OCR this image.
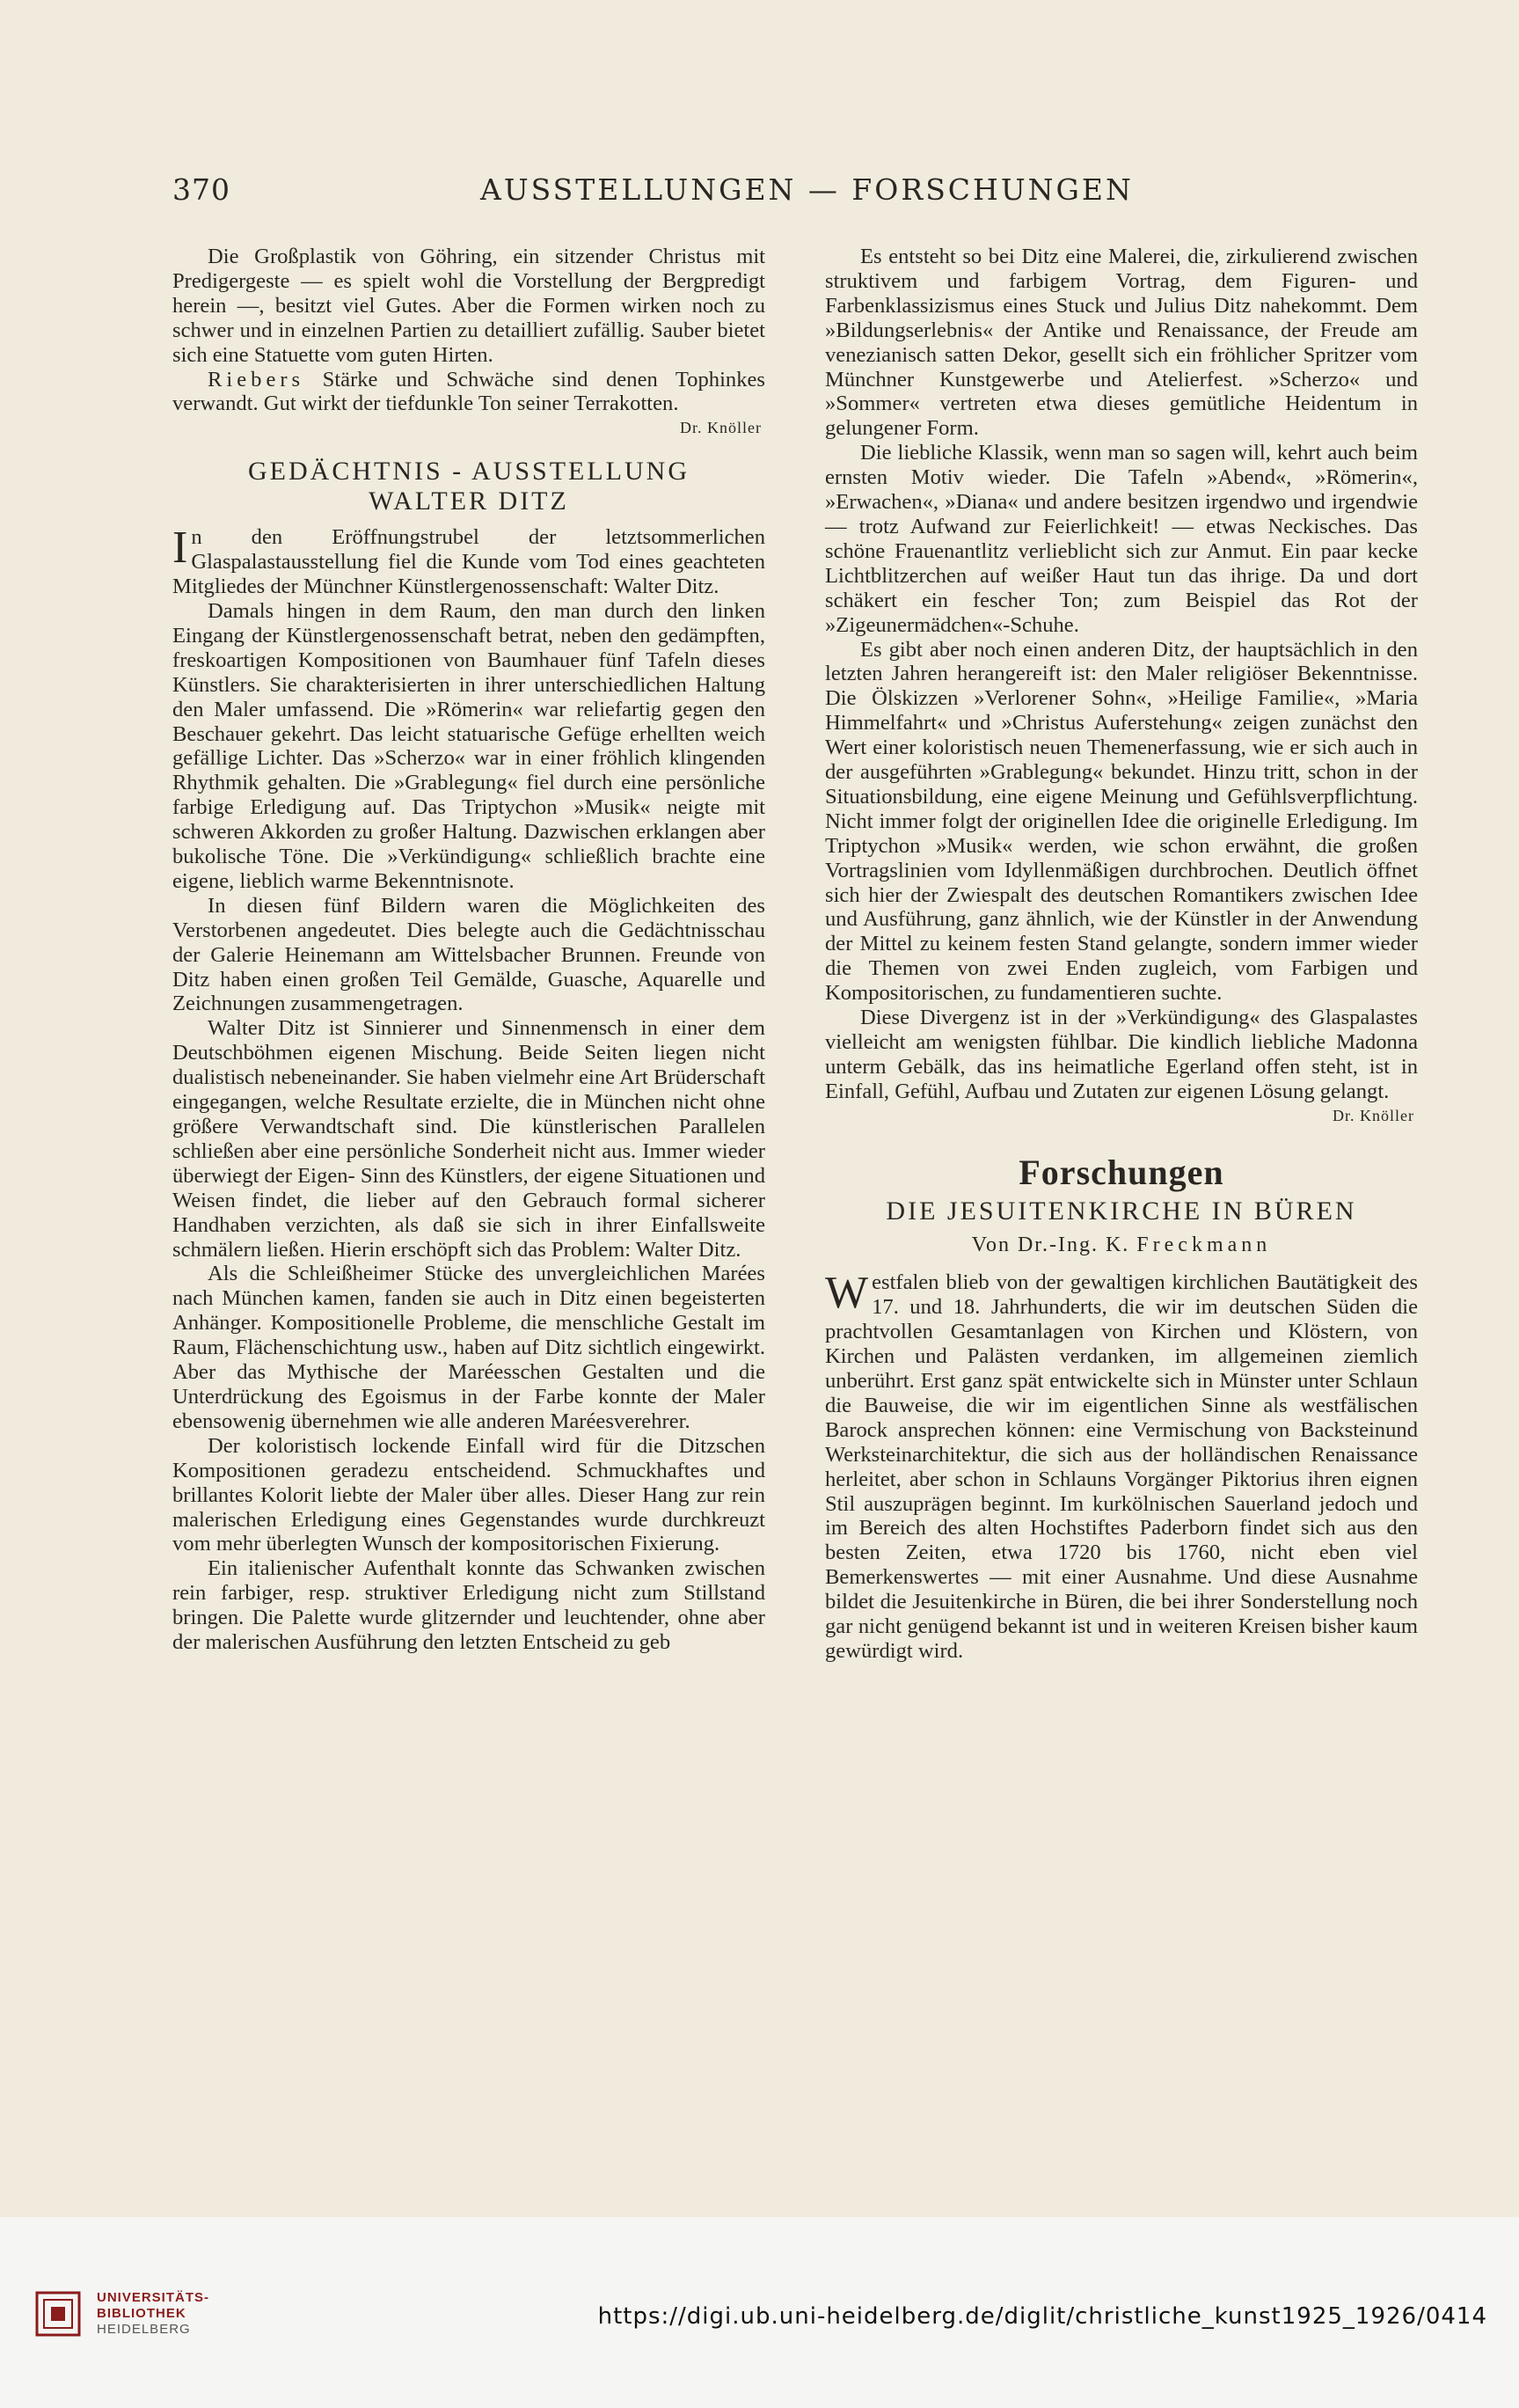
370	AUSSTELLUNGEN — FORSCHUNGEN

Die Großplastik von Göhring, ein sitzender Christus mit Predigergeste — es spielt wohl die Vorstellung der Bergpredigt herein —, besitzt viel Gutes. Aber die Formen wirken noch zu schwer und in einzelnen Partien zu detailliert zufällig. Sauber bietet sich eine Statuette vom guten Hirten.

Riebers Stärke und Schwäche sind denen Tophinkes verwandt. Gut wirkt der tiefdunkle Ton seiner Terrakotten.

Dr. Knöller
GEDÄCHTNIS - AUSSTELLUNG
WALTER DITZ

In den Eröffnungstrubel der letztsommerlichen Glaspalastausstellung fiel die Kunde vom Tod eines geachteten Mitgliedes der Münchner Künstlergenossenschaft: Walter Ditz.

Damals hingen in dem Raum, den man durch den linken Eingang der Künstlergenossenschaft betrat, neben den gedämpften, freskoartigen Kompositionen von Baumhauer fünf Tafeln dieses Künstlers. Sie charakterisierten in ihrer unterschiedlichen Haltung den Maler umfassend. Die »Römerin« war reliefartig gegen den Beschauer gekehrt. Das leicht statuarische Gefüge erhellten weich gefällige Lichter. Das »Scherzo« war in einer fröhlich klingenden Rhythmik gehalten. Die »Grablegung« fiel durch eine persönliche farbige Erledigung auf. Das Triptychon »Musik« neigte mit schweren Akkorden zu großer Haltung. Dazwischen erklangen aber bukolische Töne. Die »Verkündigung« schließlich brachte eine eigene, lieblich warme Bekenntnisnote.

In diesen fünf Bildern waren die Möglichkeiten des Verstorbenen angedeutet. Dies belegte auch die Gedächtnisschau der Galerie Heinemann am Wittelsbacher Brunnen. Freunde von Ditz haben einen großen Teil Gemälde, Guasche, Aquarelle und Zeichnungen zusammengetragen.

Walter Ditz ist Sinnierer und Sinnenmensch in einer dem Deutschböhmen eigenen Mischung. Beide Seiten liegen nicht dualistisch nebeneinander. Sie haben vielmehr eine Art Brüderschaft eingegangen, welche Resultate erzielte, die in München nicht ohne größere Verwandtschaft sind. Die künstlerischen Parallelen schließen aber eine persönliche Sonderheit nicht aus. Immer wieder überwiegt der Eigen- Sinn des Künstlers, der eigene Situationen und Weisen findet, die lieber auf den Gebrauch formal sicherer Handhaben verzichten, als daß sie sich in ihrer Einfallsweite schmälern ließen. Hierin erschöpft sich das Problem: Walter Ditz.

Als die Schleißheimer Stücke des unvergleichlichen Marées nach München kamen, fanden sie auch in Ditz einen begeisterten Anhänger. Kompositionelle Probleme, die menschliche Gestalt im Raum, Flächenschichtung usw., haben auf Ditz sichtlich eingewirkt. Aber das Mythische der Maréesschen Gestalten und die Unterdrückung des Egoismus in der Farbe konnte der Maler ebensowenig übernehmen wie alle anderen Maréesverehrer.

Der koloristisch lockende Einfall wird für die Ditzschen Kompositionen geradezu entscheidend. Schmuckhaftes und brillantes Kolorit liebte der Maler über alles. Dieser Hang zur rein malerischen Erledigung eines Gegenstandes wurde durchkreuzt vom mehr überlegten Wunsch der kompositorischen Fixierung.

Ein italienischer Aufenthalt konnte das Schwanken zwischen rein farbiger, resp. struktiver Erledigung nicht zum Stillstand bringen. Die Palette wurde glitzernder und leuchtender, ohne aber der malerischen Ausführung den letzten Entscheid zu geb

Es entsteht so bei Ditz eine Malerei, die, zirkulierend zwischen struktivem und farbigem Vortrag, dem Figuren- und Farbenklassizismus eines Stuck und Julius Ditz nahekommt. Dem »Bildungserlebnis« der Antike und Renaissance, der Freude am venezianisch satten Dekor, gesellt sich ein fröhlicher Spritzer vom Münchner Kunstgewerbe und Atelierfest. »Scherzo« und »Sommer« vertreten etwa dieses gemütliche Heidentum in gelungener Form.

Die liebliche Klassik, wenn man so sagen will, kehrt auch beim ernsten Motiv wieder. Die Tafeln »Abend«, »Römerin«, »Erwachen«, »Diana« und andere besitzen irgendwo und irgendwie — trotz Aufwand zur Feierlichkeit! — etwas Neckisches. Das schöne Frauenantlitz verlieblicht sich zur Anmut. Ein paar kecke Lichtblitzerchen auf weißer Haut tun das ihrige. Da und dort schäkert ein fescher Ton; zum Beispiel das Rot der »Zigeunermädchen«-Schuhe.

Es gibt aber noch einen anderen Ditz, der hauptsächlich in den letzten Jahren herangereift ist: den Maler religiöser Bekenntnisse. Die Ölskizzen »Verlorener Sohn«, »Heilige Familie«, »Maria Himmelfahrt« und »Christus Auferstehung« zeigen zunächst den Wert einer koloristisch neuen Themenerfassung, wie er sich auch in der ausgeführten »Grablegung« bekundet. Hinzu tritt, schon in der Situationsbildung, eine eigene Meinung und Gefühlsverpflichtung. Nicht immer folgt der originellen Idee die originelle Erledigung. Im Triptychon »Musik« werden, wie schon erwähnt, die großen Vortragslinien vom Idyllenmäßigen durchbrochen. Deutlich öffnet sich hier der Zwiespalt des deutschen Romantikers zwischen Idee und Ausführung, ganz ähnlich, wie der Künstler in der Anwendung der Mittel zu keinem festen Stand gelangte, sondern immer wieder die Themen von zwei Enden zugleich, vom Farbigen und Kompositorischen, zu fundamentieren suchte.

Diese Divergenz ist in der »Verkündigung« des Glaspalastes vielleicht am wenigsten fühlbar. Die kindlich liebliche Madonna unterm Gebälk, das ins heimatliche Egerland offen steht, ist in Einfall, Gefühl, Aufbau und Zutaten zur eigenen Lösung gelangt.

Dr. Knöller
Forschungen
DIE JESUITENKIRCHE IN BÜREN
Von Dr.-Ing. K. Freckmann

Westfalen blieb von der gewaltigen kirchlichen Bautätigkeit des 17. und 18. Jahrhunderts, die wir im deutschen Süden die prachtvollen Gesamtanlagen von Kirchen und Klöstern, von Kirchen und Palästen verdanken, im allgemeinen ziemlich unberührt. Erst ganz spät entwickelte sich in Münster unter Schlaun die Bauweise, die wir im eigentlichen Sinne als westfälischen Barock ansprechen können: eine Vermischung von Backsteinund Werksteinarchitektur, die sich aus der holländischen Renaissance herleitet, aber schon in Schlauns Vorgänger Piktorius ihren eignen Stil auszuprägen beginnt. Im kurkölnischen Sauerland jedoch und im Bereich des alten Hochstiftes Paderborn findet sich aus den besten Zeiten, etwa 1720 bis 1760, nicht eben viel Bemerkenswertes — mit einer Ausnahme. Und diese Ausnahme bildet die Jesuitenkirche in Büren, die bei ihrer Sonderstellung noch gar nicht genügend bekannt ist und in weiteren Kreisen bisher kaum gewürdigt wird.

UNIVERSITÄTS-
BIBLIOTHEK
HEIDELBERG	https://digi.ub.uni-heidelberg.de/diglit/christliche_kunst1925_1926/0414
